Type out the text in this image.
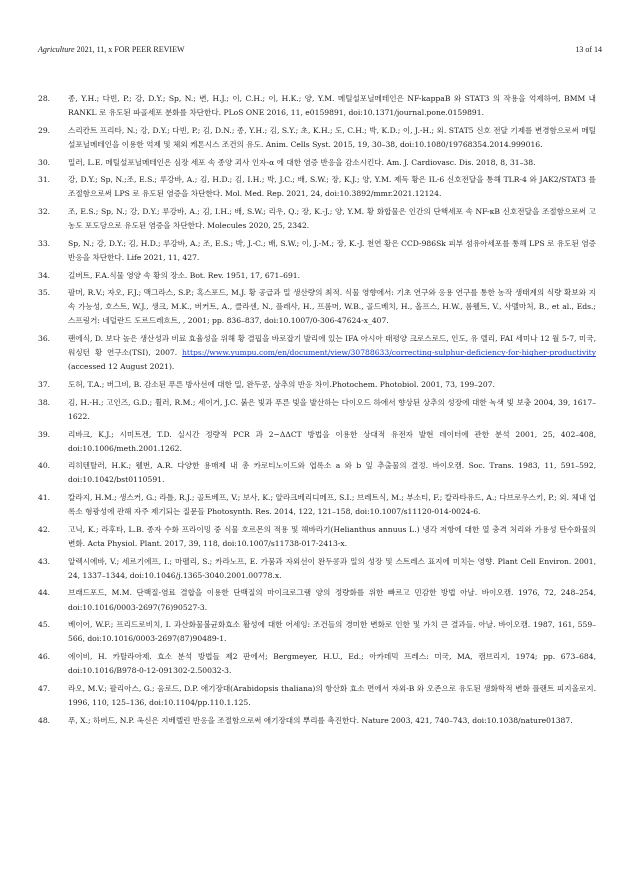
Agriculture 2021, 11, x FOR PEER REVIEW	13 of 14
28.	종, Y.H.; 다빈, P.; 강, D.Y.; Sp, N.; 변, H.J.; 이, C.H.; 이, H.K.; 양, Y.M. 메틸설포닐메테인은 NF-kappaB 와 STAT3 의 작용을 억제하여, BMM 내 RANKL 로 유도된 파골세포 분화를 차단한다. PLoS ONE 2016, 11, e0159891, doi:10.1371/journal.pone.0159891.
29.	스리칸트 프리타, N.; 강, D.Y.; 다빈, P.; 김, D.N.; 종, Y.H.; 김, S.Y.; 초, K.H.; 도, C.H.; 박, K.D.; 이, J.-H.; 외. STAT5 신호 전달 기제를 변경함으로써 메틸설포닐메테인을 이용한 억제 및 체외 케톤시스 조건의 유도. Anim. Cells Syst. 2015, 19, 30–38, doi:10.1080/19768354.2014.999016.
30.	밀러, L.E. 메틸설포닐메테인은 심장 세포 속 종양 괴사 인자-α 에 대한 염증 반응을 감소시킨다. Am. J. Cardiovasc. Dis. 2018, 8, 31–38.
31.	강, D.Y.; Sp, N.;조, E.S.; 루강바, A.; 김, H.D.; 김, I.H.; 박, J.C.; 배, S.W.; 장, K.J.; 양, Y.M. 제독 황은 IL-6 신호전달을 통해 TLR-4 와 JAK2/STAT3 를 조절함으로써 LPS 로 유도된 염증을 차단한다. Mol. Med. Rep. 2021, 24, doi:10.3892/mmr.2021.12124.
32.	조, E.S.; Sp, N.; 강, D.Y.; 루강바, A.; 김, I.H.; 배, S.W.; 리우, Q.; 장, K.-J.; 양, Y.M. 황 화합물은 인간의 단핵세포 속 NF-κB 신호전달을 조절함으로써 고농도 포도당으로 유도된 염증을 차단한다. Molecules 2020, 25, 2342.
33.	Sp, N.; 강, D.Y.; 김, H.D.; 루강바, A.; 조, E.S.; 박, J.-C.; 배, S.W.; 이, J.-M.; 장, K.-J. 천연 황은 CCD-986Sk 피부 섬유아세포를 통해 LPS 로 유도된 염증 반응을 차단한다. Life 2021, 11, 427.
34.	길버트, F.A.식물 영양 속 황의 장소. Bot. Rev. 1951, 17, 671–691.
35.	팔머, R.V.; 자오, F.J.; 맥그라스, S.P.; 혹스포드, M.J. 황 공급과 밀 생산량의 최적. 식물 영향에서: 기초 연구와 응용 연구를 통한 농작 생태계의 식량 확보와 지속 가능성, 호스트, W.J., 생크, M.K., 버커트, A., 클라센, N., 플레사, H., 프롬머, W.B., 골드베치, H., 올프스, H.W., 롬웰트, V., 사멜마처, B., et al., Eds.; 스프링거: 네덜란드 도르드레흐트, , 2001; pp. 836–837, doi:10.1007/0-306-47624-x_407.
36.	팬에식, D. 보다 높은 생산성과 비료 효율성을 위해 황 결핍을 바로잡기 발리에 있는 IFA 아시아 태평양 크로스로드, 인도, 유 델리, FAI 세미나 12 월 5-7, 미국, 워싱턴 황 연구소(TSI), 2007. https://www.yumpu.com/en/document/view/30788633/correcting-sulphur-deficiency-for-higher-productivity (accessed 12 August 2021).
37.	도허, T.A.; 버그비, B. 감소된 푸른 방사선에 대한 밀, 완두콩, 상추의 반응 차이.Photochem. Photobiol. 2001, 73, 199–207.
38.	김, H.-H.; 고인즈, G.D.; 휠러, R.M.; 세이거, J.C. 붉은 빛과 푸른 빛을 발산하는 다이오드 하에서 향상된 상추의 성장에 대한 녹색 빛 보충 2004, 39, 1617–1622.
39.	리바크, K.J.; 시미트겐, T.D. 실시간 정량적 PCR 과 2−ΔΔCT 방법을 이용한 상대적 유전자 발현 데이터에 관한 분석 2001, 25, 402–408, doi:10.1006/meth.2001.1262.
40.	리히텐탈러, H.K.; 웰번, A.R. 다양한 용매제 내 총 카로티노이드와 엽록소 a 와 b 잎 추출물의 결정. 바이오캠. Soc. Trans. 1983, 11, 591–592, doi:10.1042/bst0110591.
41.	칼라지, H.M.; 생스커, G.; 라틀, R.J.; 골트베프, V.; 보사, K.; 알라크베리디메프, S.I.; 브레트식, M.; 부소티, F.; 칼라타유드, A.; 다브로우스키, P.; 외. 체내 엽록소 형광성에 관해 자주 제기되는 질문들 Photosynth. Res. 2014, 122, 121–158, doi:10.1007/s11120-014-0024-6.
42.	고닉, K.; 라후타, L.B. 종자 수화 프라이밍 중 식물 호르몬의 적용 및 해바라기(Helianthus annuus L.) 냉각 저항에 대한 열 충격 처리와 가용성 탄수화물의 변화. Acta Physiol. Plant. 2017, 39, 118, doi:10.1007/s11738-017-2413-x.
43.	알렉시에바, V.; 세르기에프, I.; 마펠리, S.; 카라노프, E. 가뭄과 자외선이 완두콩과 밀의 성장 및 스트레스 표지에 미치는 영향. Plant Cell Environ. 2001, 24, 1337–1344, doi:10.1046/j.1365-3040.2001.00778.x.
44.	브래드포드, M.M. 단백질-염료 결합을 이용한 단백질의 마이크로그램 양의 정량화를 위한 빠르고 민감한 방법 아날. 바이오캠. 1976, 72, 248–254, doi:10.1016/0003-2697(76)90527-3.
45.	베이어, W.F.; 프리드로비치, I. 과산화물불균화효소 활성에 대한 어세잉: 조건들의 경미한 변화로 인한 및 가치 큰 결과들. 아날. 바이오캠. 1987, 161, 559–566, doi:10.1016/0003-2697(87)90489-1.
46.	에이비, H. 카탈라아제. 효소 분석 방법들 제2 판에서; Bergmeyer, H.U., Ed.; 아카데믹 프레스: 미국, MA, 캠브리지, 1974; pp. 673–684, doi:10.1016/B978-0-12-091302-2.50032-3.
47.	라오, M.V.; 팔리아스, G.; 옴로드, D.P. 애기장대(Arabidopsis thaliana)의 항산화 효소 면에서 자외-B 와 오존으로 유도된 생화학적 변화 플랜트 피지올로지. 1996, 110, 125–136, doi:10.1104/pp.110.1.125.
48.	푸, X.; 하버드, N.P. 옥신은 지베렐린 반응을 조절함으로써 애기장대의 뿌리를 촉진한다. Nature 2003, 421, 740–743, doi:10.1038/nature01387.
